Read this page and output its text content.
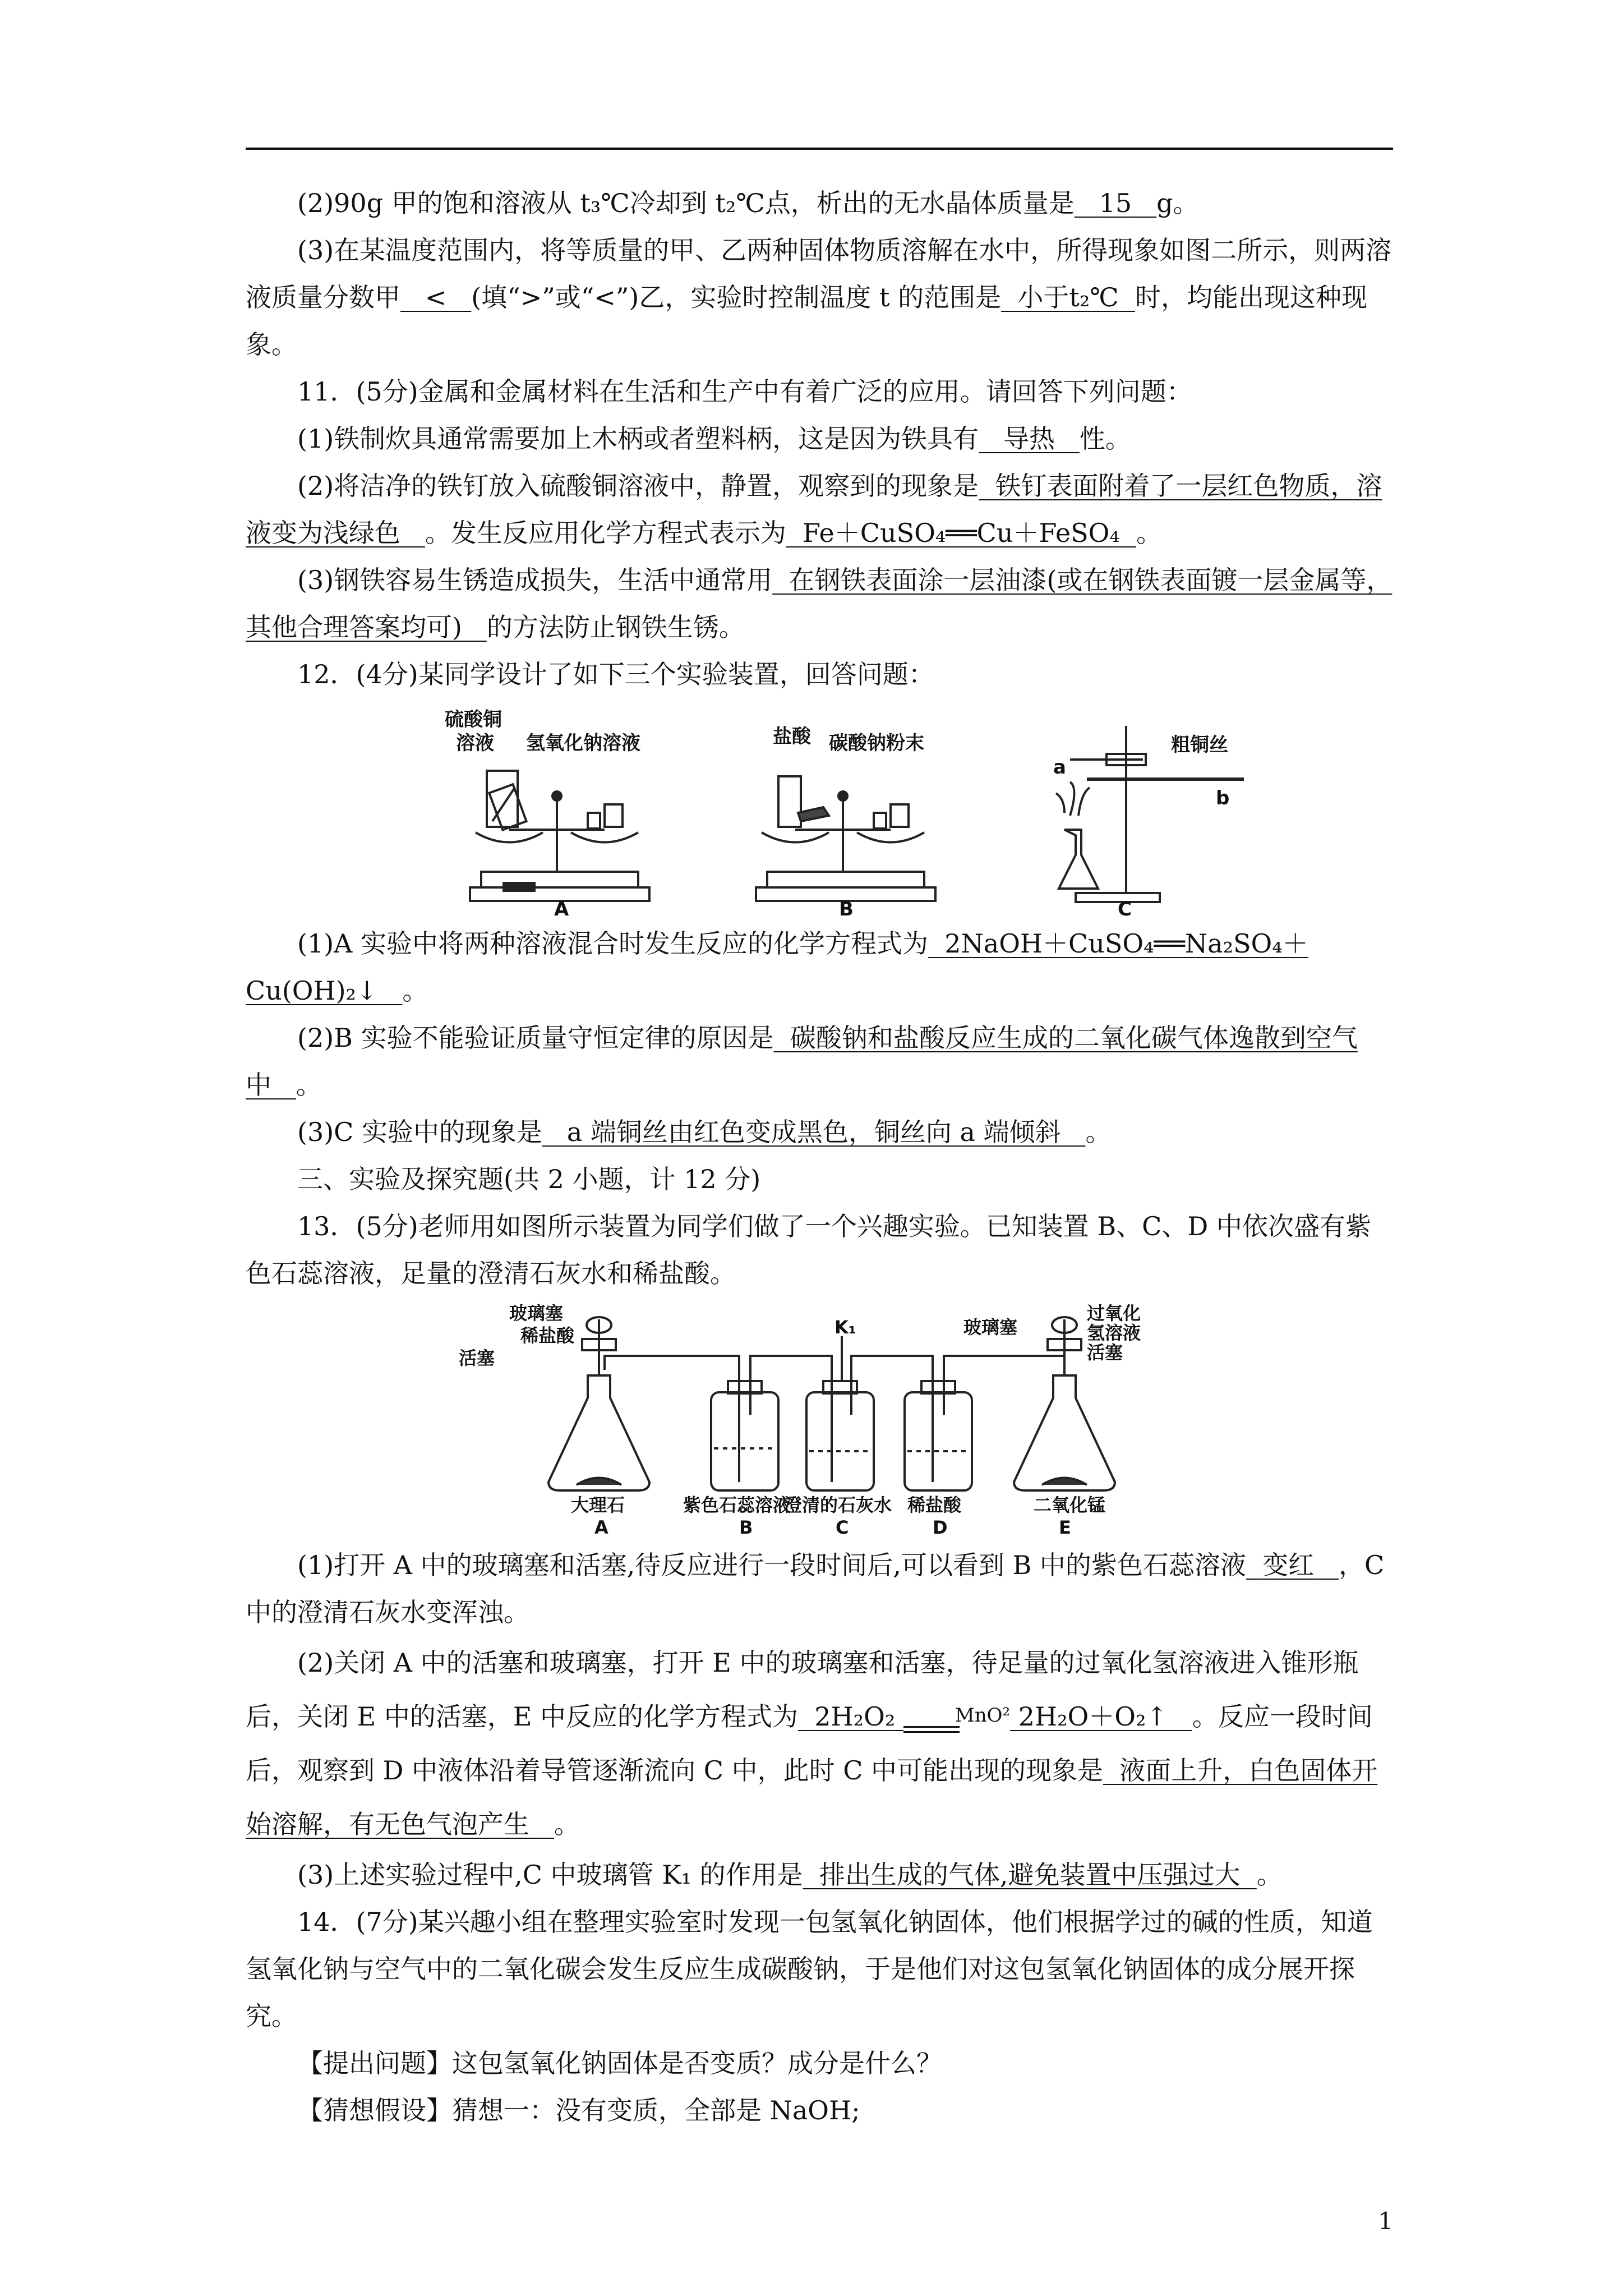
(2)90g 甲的饱和溶液从 t₃℃冷却到 t₂℃点，析出的无水晶体质量是 15 g。

(3)在某温度范围内，将等质量的甲、乙两种固体物质溶解在水中，所得现象如图二所示，则两溶液质量分数甲 < (填“>”或“<”)乙，实验时控制温度 t 的范围是 小于t₂℃ 时，均能出现这种现象。

11．(5分)金属和金属材料在生活和生产中有着广泛的应用。请回答下列问题：

(1)铁制炊具通常需要加上木柄或者塑料柄，这是因为铁具有 导热 性。

(2)将洁净的铁钉放入硫酸铜溶液中，静置，观察到的现象是 铁钉表面附着了一层红色物质，溶液变为浅绿色 。发生反应用化学方程式表示为 Fe＋CuSO₄══Cu＋FeSO₄ 。

(3)钢铁容易生锈造成损失，生活中通常用 在钢铁表面涂一层油漆(或在钢铁表面镀一层金属等，其他合理答案均可) 的方法防止钢铁生锈。

12．(4分)某同学设计了如下三个实验装置，回答问题：

硫酸铜
溶液 氢氧化钠溶液	盐酸 碳酸钠粉末	粗铜丝
a
b
A	B	C

(1)A 实验中将两种溶液混合时发生反应的化学方程式为 2NaOH＋CuSO₄══Na₂SO₄＋Cu(OH)₂↓ 。

(2)B 实验不能验证质量守恒定律的原因是 碳酸钠和盐酸反应生成的二氧化碳气体逸散到空气中 。

(3)C 实验中的现象是 a 端铜丝由红色变成黑色，铜丝向 a 端倾斜 。

三、实验及探究题(共 2 小题，计 12 分)

13．(5分)老师用如图所示装置为同学们做了一个兴趣实验。已知装置 B、C、D 中依次盛有紫色石蕊溶液，足量的澄清石灰水和稀盐酸。

玻璃塞
稀盐酸
活塞
K₁	玻璃塞
过氧化
氢溶液
活塞
大理石	紫色石蕊溶液
澄清的石灰水 稀盐酸	二氧化锰
A	B	C	D	E

(1)打开 A 中的玻璃塞和活塞,待反应进行一段时间后,可以看到 B 中的紫色石蕊溶液 变红 ，C 中的澄清石灰水变浑浊。

(2)关闭 A 中的活塞和玻璃塞，打开 E 中的玻璃塞和活塞，待足量的过氧化氢溶液进入锥形瓶后，关闭 E 中的活塞，E 中反应的化学方程式为 2H₂O₂	MnO² 2H₂O＋O₂↑ 。反应一段时间后，观察到 D 中液体沿着导管逐渐流向 C 中，此时 C 中可能出现的现象是 液面上升，白色固体开始溶解，有无色气泡产生 。

(3)上述实验过程中,C 中玻璃管 K₁ 的作用是 排出生成的气体,避免装置中压强过大 。

14．(7分)某兴趣小组在整理实验室时发现一包氢氧化钠固体，他们根据学过的碱的性质，知道氢氧化钠与空气中的二氧化碳会发生反应生成碳酸钠，于是他们对这包氢氧化钠固体的成分展开探究。

【提出问题】这包氢氧化钠固体是否变质？成分是什么？

【猜想假设】猜想一：没有变质，全部是 NaOH;

1
